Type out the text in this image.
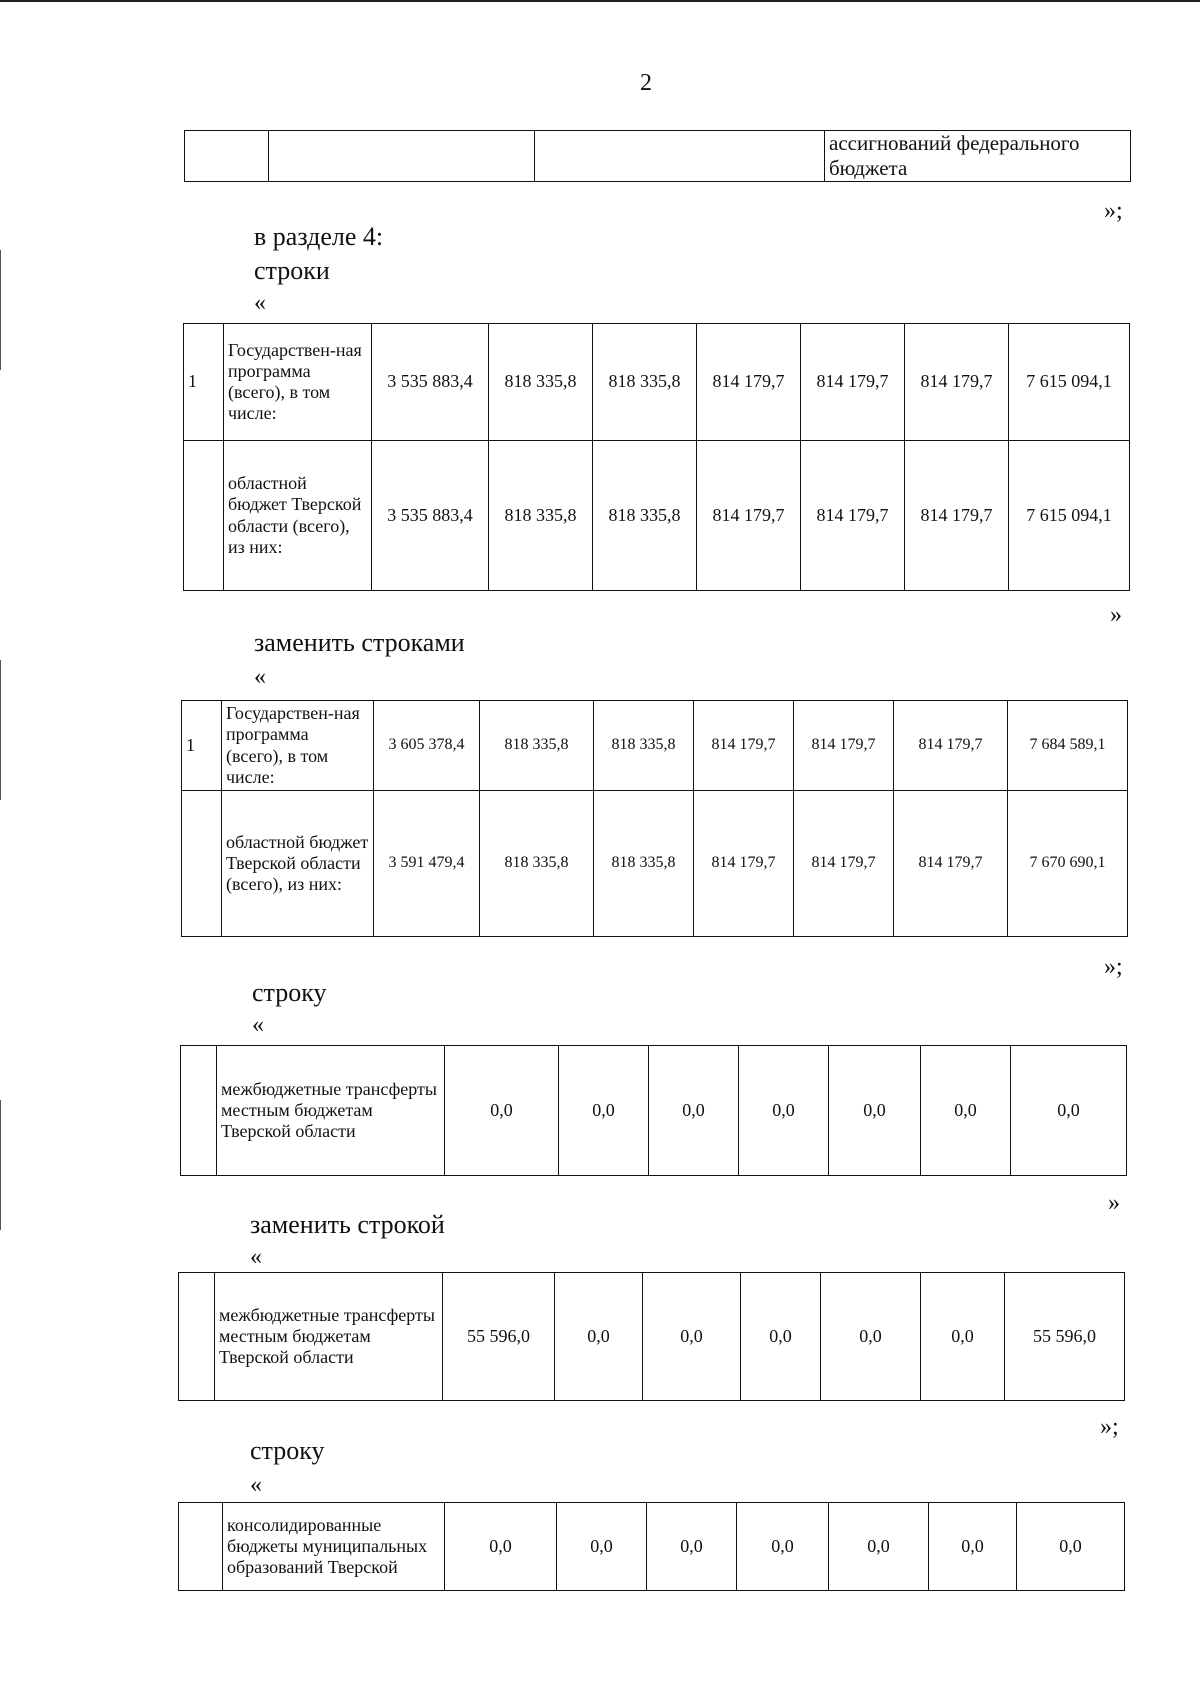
2
			ассигнований федерального бюджета
»;
в разделе 4:
строки
«
1	Государствен-ная программа (всего), в том числе:	3 535 883,4	818 335,8	818 335,8	814 179,7	814 179,7	814 179,7	7 615 094,1
	областной бюджет Тверской области (всего), из них:	3 535 883,4	818 335,8	818 335,8	814 179,7	814 179,7	814 179,7	7 615 094,1
»
заменить строками
«
1	Государствен-ная программа (всего), в том числе:	3 605 378,4	818 335,8	818 335,8	814 179,7	814 179,7	814 179,7	7 684 589,1
	областной бюджет Тверской области (всего), из них:	3 591 479,4	818 335,8	818 335,8	814 179,7	814 179,7	814 179,7	7 670 690,1
»;
строку
«
	межбюджетные трансферты местным бюджетам Тверской области	0,0	0,0	0,0	0,0	0,0	0,0	0,0
»
заменить строкой
«
	межбюджетные трансферты местным бюджетам Тверской области	55 596,0	0,0	0,0	0,0	0,0	0,0	55 596,0
»;
строку
«
	консолидированные бюджеты муниципальных образований Тверской	0,0	0,0	0,0	0,0	0,0	0,0	0,0
